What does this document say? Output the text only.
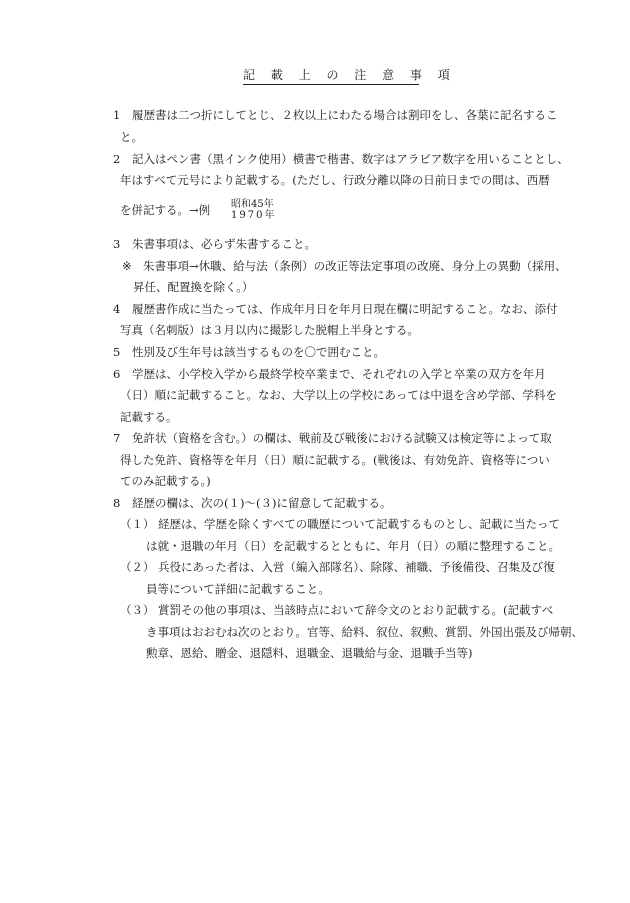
記 載 上 の 注 意 事 項
1 履歴書は二つ折にしてとじ、２枚以上にわたる場合は割印をし、各葉に記名するこ
と。
2 記入はペン書（黒インク使用）横書で楷書、数字はアラビア数字を用いることとし、
年はすべて元号により記載する。(ただし、行政分離以降の日前日までの間は、西暦
を併記する。→例 昭和45年
1970年
3 朱書事項は、必らず朱書すること。
※ 朱書事項→休職、給与法（条例）の改正等法定事項の改廃、身分上の異動（採用、
昇任、配置換を除く。）
4 履歴書作成に当たっては、作成年月日を年月日現在欄に明記すること。なお、添付
写真（名刺版）は３月以内に撮影した脱帽上半身とする。
5 性別及び生年号は該当するものを〇で囲むこと。
6 学歴は、小学校入学から最終学校卒業まで、それぞれの入学と卒業の双方を年月
（日）順に記載すること。なお、大学以上の学校にあっては中退を含め学部、学科を
記載する。
7 免許状（資格を含む。）の欄は、戦前及び戦後における試験又は検定等によって取
得した免許、資格等を年月（日）順に記載する。(戦後は、有効免許、資格等につい
てのみ記載する。)
8 経歴の欄は、次の(１)～(３)に留意して記載する。
（１） 経歴は、学歴を除くすべての職歴について記載するものとし、記載に当たって
は就・退職の年月（日）を記載するとともに、年月（日）の順に整理すること。
（２） 兵役にあった者は、入営（編入部隊名）、除隊、補職、予後備役、召集及び復
員等について詳細に記載すること。
（３） 賞罰その他の事項は、当該時点において辞令文のとおり記載する。(記載すべ
き事項はおおむね次のとおり。官等、給料、叙位、叙勲、賞罰、外国出張及び帰朝、
勲章、恩給、贈金、退隠料、退職金、退職給与金、退職手当等)
